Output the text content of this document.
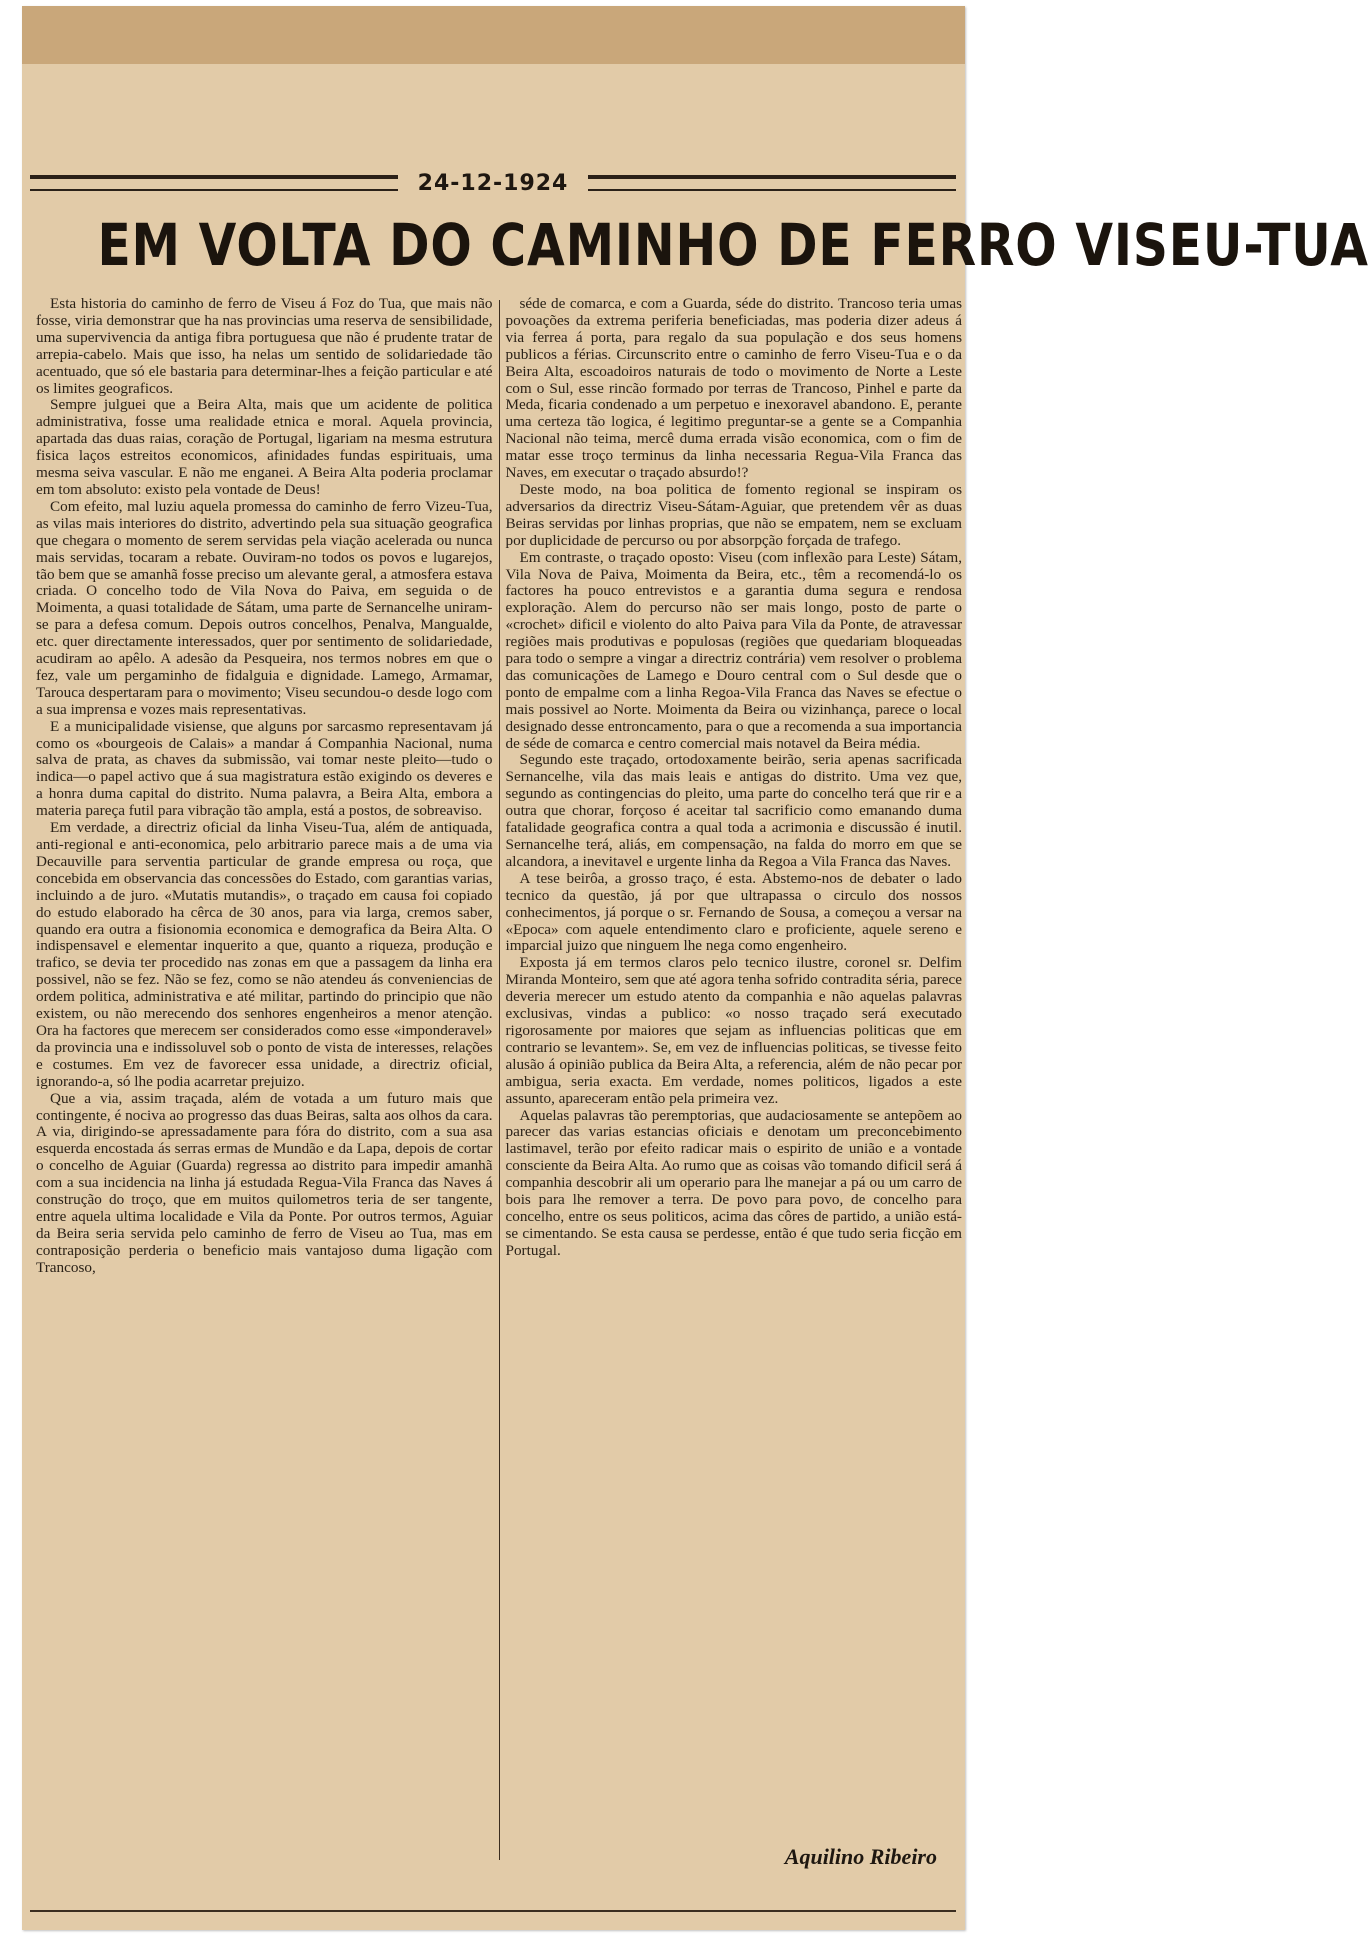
24-12-1924
EM VOLTA DO CAMINHO DE FERRO VISEU-TUA

Esta historia do caminho de ferro de Viseu á Foz do Tua, que mais não fosse, viria demonstrar que ha nas provincias uma reserva de sensibilidade, uma supervivencia da antiga fibra portuguesa que não é prudente tratar de arrepia-cabelo. Mais que isso, ha nelas um sentido de solidariedade tão acentuado, que só ele bastaria para determinar-lhes a feição particular e até os limites geograficos.

Sempre julguei que a Beira Alta, mais que um acidente de politica administrativa, fosse uma realidade etnica e moral. Aquela provincia, apartada das duas raias, coração de Portugal, ligariam na mesma estrutura fisica laços estreitos economicos, afinidades fundas espirituais, uma mesma seiva vascular. E não me enganei. A Beira Alta poderia proclamar em tom absoluto: existo pela vontade de Deus!

Com efeito, mal luziu aquela promessa do caminho de ferro Vizeu-Tua, as vilas mais interiores do distrito, advertindo pela sua situação geografica que chegara o momento de serem servidas pela viação acelerada ou nunca mais servidas, tocaram a rebate. Ouviram-no todos os povos e lugarejos, tão bem que se amanhã fosse preciso um alevante geral, a atmosfera estava criada. O concelho todo de Vila Nova do Paiva, em seguida o de Moimenta, a quasi totalidade de Sátam, uma parte de Sernancelhe uniram-se para a defesa comum. Depois outros concelhos, Penalva, Mangualde, etc. quer directamente interessados, quer por sentimento de solidariedade, acudiram ao apêlo. A adesão da Pesqueira, nos termos nobres em que o fez, vale um pergaminho de fidalguia e dignidade. Lamego, Armamar, Tarouca despertaram para o movimento; Viseu secundou-o desde logo com a sua imprensa e vozes mais representativas.

E a municipalidade visiense, que alguns por sarcasmo representavam já como os «bourgeois de Calais» a mandar á Companhia Nacional, numa salva de prata, as chaves da submissão, vai tomar neste pleito—tudo o indica—o papel activo que á sua magistratura estão exigindo os deveres e a honra duma capital do distrito. Numa palavra, a Beira Alta, embora a materia pareça futil para vibração tão ampla, está a postos, de sobreaviso.

Em verdade, a directriz oficial da linha Viseu-Tua, além de antiquada, anti-regional e anti-economica, pelo arbitrario parece mais a de uma via Decauville para serventia particular de grande empresa ou roça, que concebida em observancia das concessões do Estado, com garantias varias, incluindo a de juro. «Mutatis mutandis», o traçado em causa foi copiado do estudo elaborado ha cêrca de 30 anos, para via larga, cremos saber, quando era outra a fisionomia economica e demografica da Beira Alta. O indispensavel e elementar inquerito a que, quanto a riqueza, produção e trafico, se devia ter procedido nas zonas em que a passagem da linha era possivel, não se fez. Não se fez, como se não atendeu ás conveniencias de ordem politica, administrativa e até militar, partindo do principio que não existem, ou não merecendo dos senhores engenheiros a menor atenção. Ora ha factores que merecem ser considerados como esse «imponderavel» da provincia una e indissoluvel sob o ponto de vista de interesses, relações e costumes. Em vez de favorecer essa unidade, a directriz oficial, ignorando-a, só lhe podia acarretar prejuizo.

Que a via, assim traçada, além de votada a um futuro mais que contingente, é nociva ao progresso das duas Beiras, salta aos olhos da cara. A via, dirigindo-se apressadamente para fóra do distrito, com a sua asa esquerda encostada ás serras ermas de Mundão e da Lapa, depois de cortar o concelho de Aguiar (Guarda) regressa ao distrito para impedir amanhã com a sua incidencia na linha já estudada Regua-Vila Franca das Naves á construção do troço, que em muitos quilometros teria de ser tangente, entre aquela ultima localidade e Vila da Ponte. Por outros termos, Aguiar da Beira seria servida pelo caminho de ferro de Viseu ao Tua, mas em contraposição perderia o beneficio mais vantajoso duma ligação com Trancoso,

séde de comarca, e com a Guarda, séde do distrito. Trancoso teria umas povoações da extrema periferia beneficiadas, mas poderia dizer adeus á via ferrea á porta, para regalo da sua população e dos seus homens publicos a férias. Circunscrito entre o caminho de ferro Viseu-Tua e o da Beira Alta, escoadoiros naturais de todo o movimento de Norte a Leste com o Sul, esse rincão formado por terras de Trancoso, Pinhel e parte da Meda, ficaria condenado a um perpetuo e inexoravel abandono. E, perante uma certeza tão logica, é legitimo preguntar-se a gente se a Companhia Nacional não teima, mercê duma errada visão economica, com o fim de matar esse troço terminus da linha necessaria Regua-Vila Franca das Naves, em executar o traçado absurdo!?

Deste modo, na boa politica de fomento regional se inspiram os adversarios da directriz Viseu-Sátam-Aguiar, que pretendem vêr as duas Beiras servidas por linhas proprias, que não se empatem, nem se excluam por duplicidade de percurso ou por absorpção forçada de trafego.

Em contraste, o traçado oposto: Viseu (com inflexão para Leste) Sátam, Vila Nova de Paiva, Moimenta da Beira, etc., têm a recomendá-lo os factores ha pouco entrevistos e a garantia duma segura e rendosa exploração. Alem do percurso não ser mais longo, posto de parte o «crochet» dificil e violento do alto Paiva para Vila da Ponte, de atravessar regiões mais produtivas e populosas (regiões que quedariam bloqueadas para todo o sempre a vingar a directriz contrária) vem resolver o problema das comunicações de Lamego e Douro central com o Sul desde que o ponto de empalme com a linha Regoa-Vila Franca das Naves se efectue o mais possivel ao Norte. Moimenta da Beira ou vizinhança, parece o local designado desse entroncamento, para o que a recomenda a sua importancia de séde de comarca e centro comercial mais notavel da Beira média.

Segundo este traçado, ortodoxamente beirão, seria apenas sacrificada Sernancelhe, vila das mais leais e antigas do distrito. Uma vez que, segundo as contingencias do pleito, uma parte do concelho terá que rir e a outra que chorar, forçoso é aceitar tal sacrificio como emanando duma fatalidade geografica contra a qual toda a acrimonia e discussão é inutil. Sernancelhe terá, aliás, em compensação, na falda do morro em que se alcandora, a inevitavel e urgente linha da Regoa a Vila Franca das Naves.

A tese beirôa, a grosso traço, é esta. Abstemo-nos de debater o lado tecnico da questão, já por que ultrapassa o circulo dos nossos conhecimentos, já porque o sr. Fernando de Sousa, a começou a versar na «Epoca» com aquele entendimento claro e proficiente, aquele sereno e imparcial juizo que ninguem lhe nega como engenheiro.

Exposta já em termos claros pelo tecnico ilustre, coronel sr. Delfim Miranda Monteiro, sem que até agora tenha sofrido contradita séria, parece deveria merecer um estudo atento da companhia e não aquelas palavras exclusivas, vindas a publico: «o nosso traçado será executado rigorosamente por maiores que sejam as influencias politicas que em contrario se levantem». Se, em vez de influencias politicas, se tivesse feito alusão á opinião publica da Beira Alta, a referencia, além de não pecar por ambigua, seria exacta. Em verdade, nomes politicos, ligados a este assunto, apareceram então pela primeira vez.

Aquelas palavras tão peremptorias, que audaciosamente se antepõem ao parecer das varias estancias oficiais e denotam um preconcebimento lastimavel, terão por efeito radicar mais o espirito de união e a vontade consciente da Beira Alta. Ao rumo que as coisas vão tomando dificil será á companhia descobrir ali um operario para lhe manejar a pá ou um carro de bois para lhe remover a terra. De povo para povo, de concelho para concelho, entre os seus politicos, acima das côres de partido, a união está-se cimentando. Se esta causa se perdesse, então é que tudo seria ficção em Portugal.

Aquilino Ribeiro
